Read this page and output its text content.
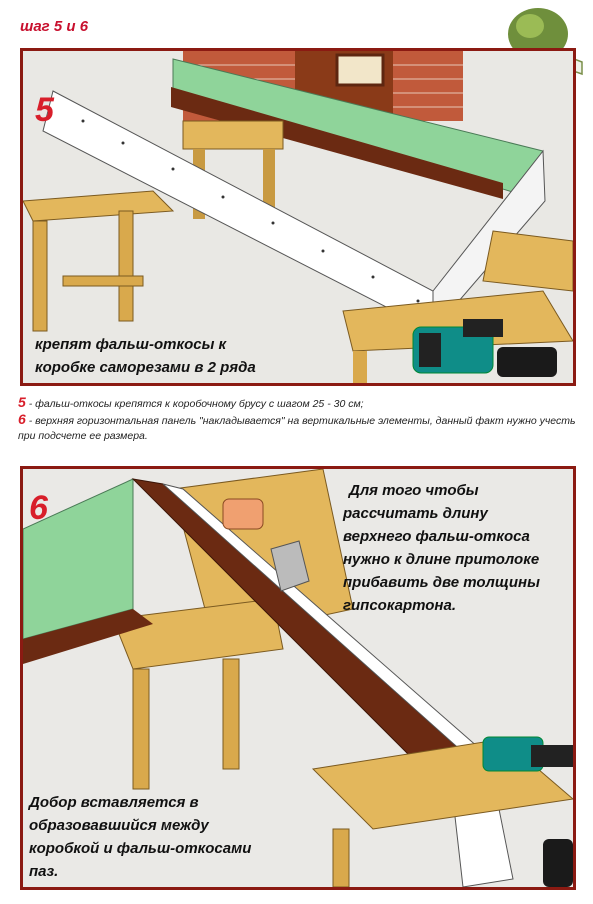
шаг 5 и 6
5
крепят фальш-откосы к
коробке саморезами в 2 ряда
5 - фальш-откосы крепятся к коробочному брусу с шагом 25 - 30 см;
6 - верхняя горизонтальная панель "накладывается" на вертикальные элементы, данный факт нужно учесть при подсчете ее размера.
6	Для того чтобы
рассчитать длину
верхнего фальш-откоса
нужно к длине притолоке
прибавить две толщины
гипсокартона.
Добор вставляется в
образовавшийся между
коробкой и фальш-откосами
паз.
